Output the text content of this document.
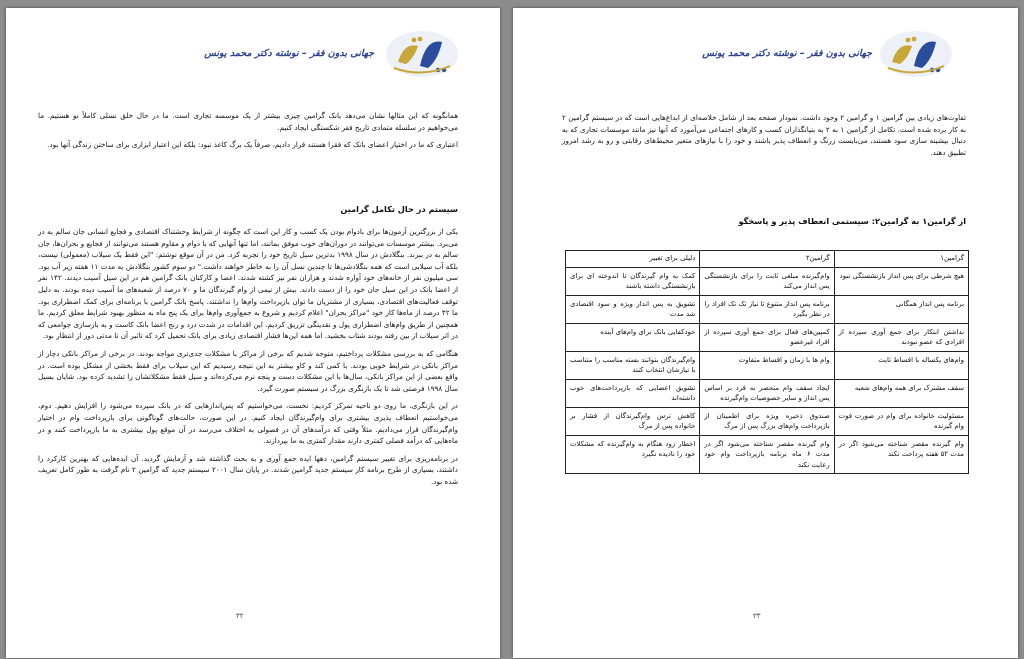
جهانی بدون فقر – نوشته دکتر محمد یونس

همانگونه که این مثالها نشان می‌دهد بانک گرامین چیزی بیشتر از یک موسسه تجاری است. ما در حال خلق نسلی کاملاً نو هستیم. ما می‌خواهیم در سلسله متمادی تاریخ فقر شکستگی ایجاد کنیم.

اعتباری که ما در اختیار اعضای بانک که فقرا هستند قرار دادیم، صرفاً یک برگ کاغذ نبود: بلکه این اعتبار ابزاری برای ساختن زندگی آنها بود.

سیستم در حال تکامل گرامین

یکی از بزرگترین آزمون‌ها برای بادوام بودن یک کسب و کار این است که چگونه از شرایط وحشتناک اقتصادی و فجایع انسانی جان سالم به در می‌برد. بیشتر موسسات می‌توانند در دوران‌های خوب موفق بمانند، اما تنها آنهایی که با دوام و مقاوم هستند می‌توانند از فجایع و بحران‌ها، جان سالم به در ببرند. بنگلادش در سال ۱۹۹۸ بدترین سیل تاریخ خود را تجربه کرد. من در آن موقع نوشتم: "این فقط یک سیلاب (معمولی) نیست، بلکه آب سیلابی است که همه بنگلادشی‌ها تا چندین نسل آن را به خاطر خواهند داشت." دو سوم کشور بنگلادش به مدت ۱۱ هفته زیر آب بود. سی میلیون نفر از خانه‌های خود آواره شدند و هزاران نفر نیز کشته شدند. اعضا و کارکنان بانک گرامین هم در این سیل آسیب دیدند. ۱۴۲ نفر از اعضا بانک در این سیل جان خود را از دست دادند. بیش از نیمی از وام گیرندگان ما و ۷۰ درصد از شعبه‌های ما آسیب دیده بودند. به دلیل توقف فعالیت‌های اقتصادی، بسیاری از مشتریان ما توان بازپرداخت وام‌ها را نداشتند. پاسخ بانک گرامین با برنامه‌ای برای کمک اضطراری بود. ما ۴۲ درصد از ماه‌ها کار خود "مراکز بحران" اعلام کردیم و شروع به جمع‌آوری وام‌ها برای یک پنج ماه به منظور بهبود شرایط معلق کردیم. ما همچنین از طریق وام‌های اضطراری پول و نقدینگی تزریق کردیم. این اقدامات در شدت درد و رنج اعضا بانک کاست و به بازسازی جوامعی که در اثر سیلاب از بین رفته بودند شتاب بخشید. اما همه این‌ها فشار اقتصادی زیادی برای بانک تحمیل کرد که تاثیر آن تا مدتی دور از انتظار بود.

هنگامی که به بررسی مشکلات پرداختیم، متوجه شدیم که برخی از مراکز با مشکلات جدی‌تری مواجه بودند. در برخی از مراکز بانکی دچار از مراکز بانکی در شرایط خوبی بودند. با کمی کند و کاو بیشتر به این نتیجه رسیدیم که این سیلاب برای فقط بخشی از مشکل بوده است. در واقع بعضی از این مراکز بانکی، سال‌ها با این مشکلات دست و پنجه نرم می‌کرده‌اند و سیل فقط مشکلاتشان را تشدید کرده بود. شایان بسیل سال ۱۹۹۸ فرصتی شد تا یک بازنگری بزرگ در سیستم صورت گیرد.

در این بازنگری، ما روی دو ناحیه تمرکز کردیم: نخست، می‌خواستیم که پس‌اندازهایی که در بانک سپرده می‌شود را افزایش دهیم. دوم، می‌خواستیم انعطاف پذیری بیشتری برای وام‌گیرندگان ایجاد کنیم. در این صورت، حالت‌های گوناگونی برای بازپرداخت وام در اختیار وام‌گیرندگان قرار می‌دادیم. مثلاً وقتی که درآمدهای آن در فصولی به اختلاف می‌رسد در آن موقع پول بیشتری به ما بازپرداخت کنند و در ماه‌هایی که درآمد فصلی کمتری دارند مقدار کمتری به ما بپردازند.

در برنامه‌ریزی برای تغییر سیستم گرامین، دهها ایده جمع آوری و به بحث گذاشته شد و آزمایش گردید. آن ایده‌هایی که بهترین کارکرد را داشتند، بسیاری از طرح برنامه کار سیستم جدید گرامین شدند. در پایان سال ۲۰۰۱ سیستم جدید که گرامین ۲ نام گرفت به طور کامل تعریف شده بود.

۳۲
جهانی بدون فقر – نوشته دکتر محمد یونس

تفاوت‌های زیادی بین گرامین ۱ و گرامین ۲ وجود داشت. نمودار صفحه بعد از شامل خلاصه‌ای از ابداع‌هایی است که در سیستم گرامین ۲ به کار برده شده است. تکامل از گرامین ۱ به ۲ به بنیانگذاران کسب و کارهای اجتماعی می‌آموزد که آنها نیز مانند موسسات تجاری که به دنبال بیشینه سازی سود هستند، می‌بایست زرنگ و انعطاف پذیر باشند و خود را با نیازهای متغیر محیط‌های رقابتی و رو به رشد امروز تطبیق دهند.

از گرامین۱ به گرامین۲: سیستمی انعطاف پذیر و پاسخگو
گرامین۱	گرامین۲	دلیلی برای تغییر
هیچ شرطی برای پس انداز بازنشستگی نبود	وام‌گیرنده مبلغی ثابت را برای بازنشستگی پس انداز می‌کند	کمک به وام گیرندگان تا اندوخته ای برای بازنشستگی داشته باشند
برنامه پس انداز همگانی	برنامه پس انداز متنوع تا نیاز تک تک افراد را در نظر بگیرد	تشویق به پس انداز ویژه و سود اقتصادی شد مدت
نداشتن ابتکار برای جمع آوری سپرده از افرادی که عضو نبودند	کمپین‌های فعال برای جمع آوری سپرده از افراد غیرعضو	خودکفایی بانک برای وام‌های آینده
وام‌های یکساله با اقساط ثابت	وام ها با زمان و اقساط متفاوت	وام‌گیرندگان بتوانند بسته مناسب را متناسب با نیازشان انتخاب کنند
سقف مشترک برای همه وام‌های شعبه	ایجاد سقف وام منحصر به فرد بر اساس پس انداز و سایر خصوصیات وام‌گیرنده	تشویق اعضایی که بازپرداخت‌های خوب داشته‌اند
مسئولیت خانواده برای وام در صورت فوت وام گیرنده	صندوق ذخیره ویژه برای اطمینان از بازپرداخت وام‌های بزرگ پس از مرگ	کاهش ترس وام‌گیرندگان از فشار بر خانواده پس از مرگ
وام گیرنده مقصر شناخته می‌شود اگر در مدت ۵۲ هفته پرداخت نکند	وام گیرنده مقصر شناخته می‌شود اگر در مدت ۶ ماه برنامه بازپرداخت وام خود رعایت نکند	اخطار زود هنگام به وام‌گیرنده که مشکلات خود را نادیده نگیرد
۳۳
